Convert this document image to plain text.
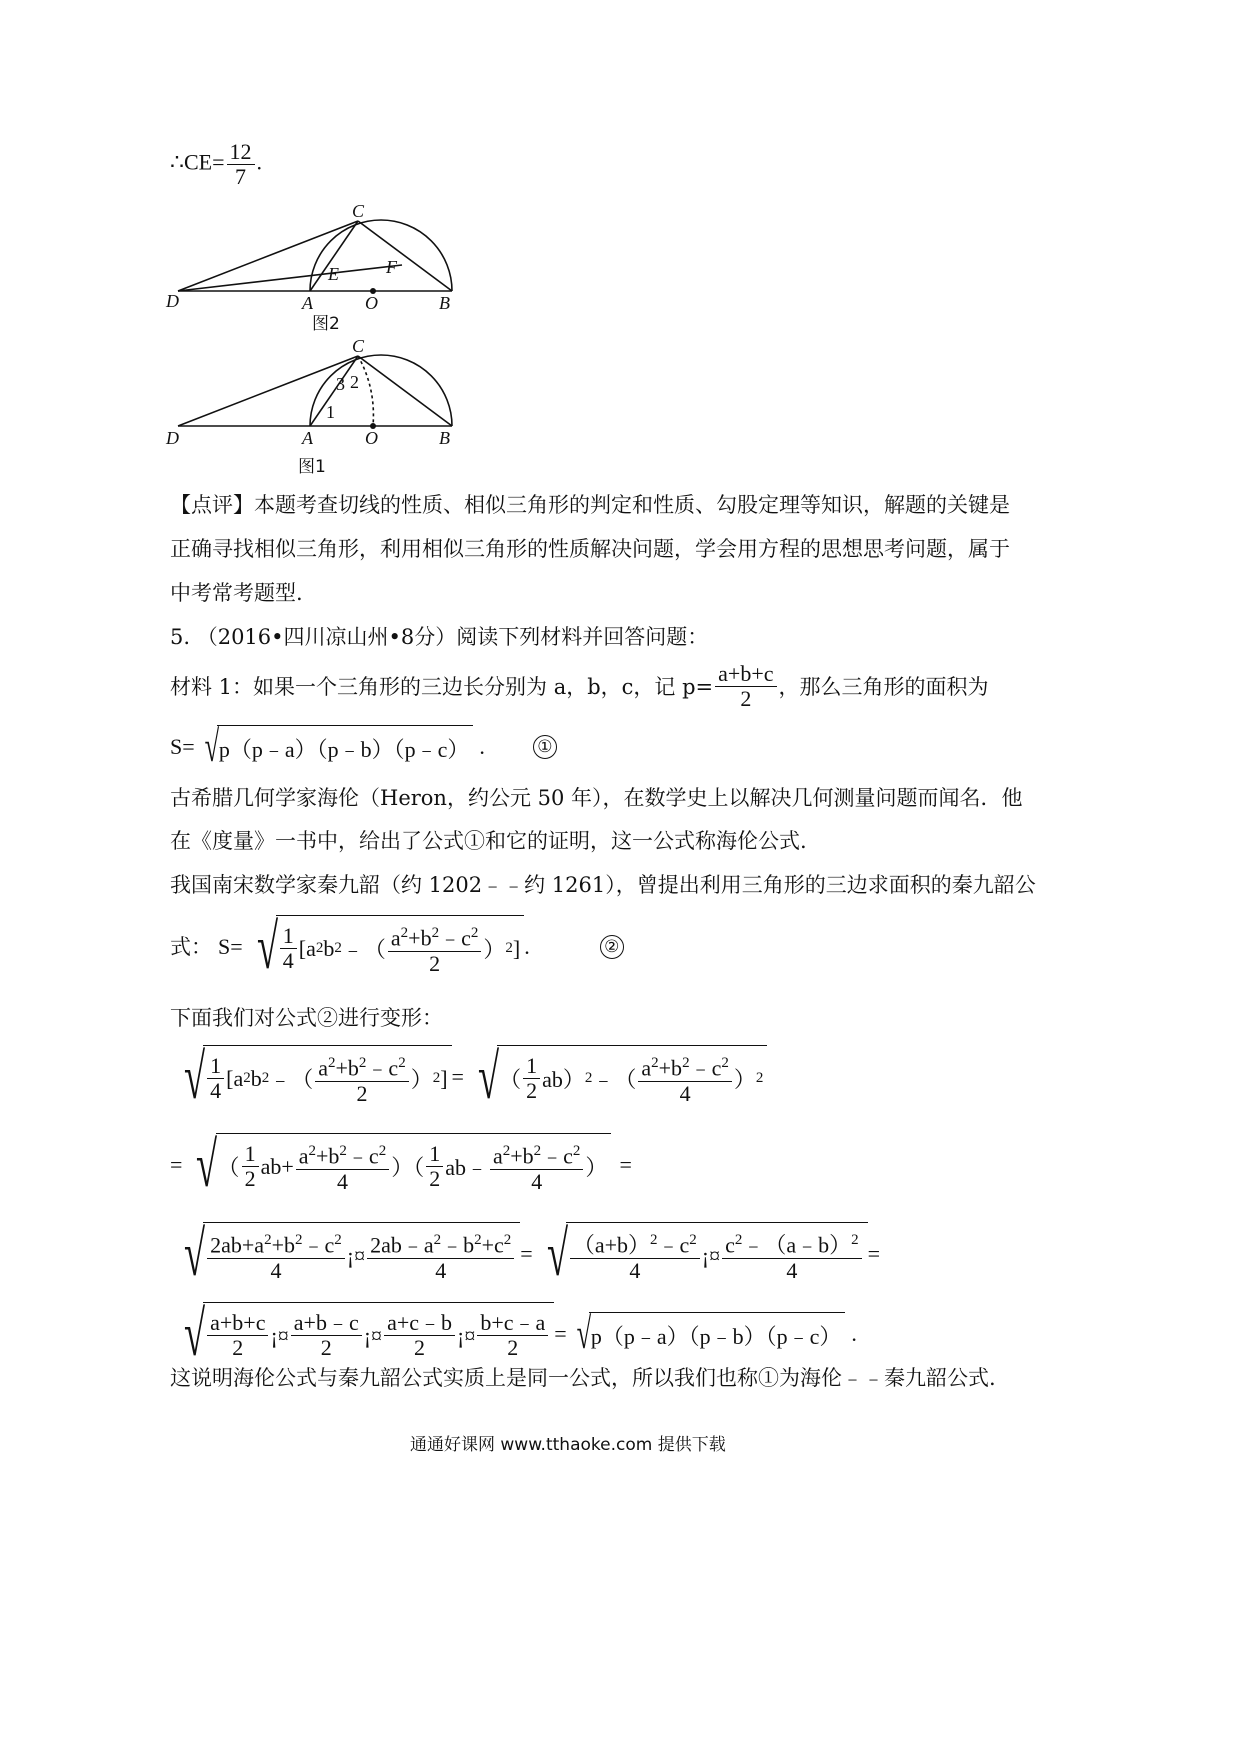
∴CE= $\frac{12}{7}$ .
D	A	O	B
C
E	F
图2
D	A	O	B
C
1
2
3
图1
【点评】本题考查切线的性质、相似三角形的判定和性质、勾股定理等知识，解题的关键是
正确寻找相似三角形，利用相似三角形的性质解决问题，学会用方程的思想思考问题，属于
中考常考题型.
5. （2016•四川凉山州•8分）阅读下列材料并回答问题：
材料 1：如果一个三角形的三边长分别为 a，b，c，记 $p= \frac{a+b+c}{2}$ ，那么三角形的面积为
S= √ p（p﹣a）（p﹣b）（p﹣c） .	①
古希腊几何学家海伦（Heron，约公元 50 年），在数学史上以解决几何测量问题而闻名．他
在《度量》一书中，给出了公式①和它的证明，这一公式称海伦公式.
我国南宋数学家秦九韶（约 1202﹣﹣约 1261），曾提出利用三角形的三边求面积的秦九韶公
式： S= √ 1
4 [a 2 b 2 ﹣（ $a^2+b^2﹣c^2$
2
） 2 ] .	②
下面我们对公式②进行变形：
√ 1
4 [a 2 b 2 ﹣（ $a^2+b^2﹣c^2$
2
） 2 ] = √ （
1
2 ab） 2 ﹣（ $a^2+b^2﹣c^2$
4
） 2
= √ （
1
2 $ab+ a^2+b^2﹣c^2$
4
）（
1
2 ab﹣ $a^2+b^2﹣c^2$
4
） =
√ $2ab+a^2+b^2﹣c^2$
4
¡¤ $2ab﹣a^2﹣b^2+c^2$
4
= √ $(a+b)^2﹣c^2$
4
¡¤ $c^2﹣(a﹣b)^2$
4
=
√ a+b+c
2 ¡¤ a+b﹣c
2 ¡¤ a+c﹣b
2 ¡¤ b+c﹣a
2
= √ p（p﹣a）（p﹣b）（p﹣c） .
这说明海伦公式与秦九韶公式实质上是同一公式，所以我们也称①为海伦﹣﹣秦九韶公式.
通通好课网 www.tthaoke.com 提供下载
